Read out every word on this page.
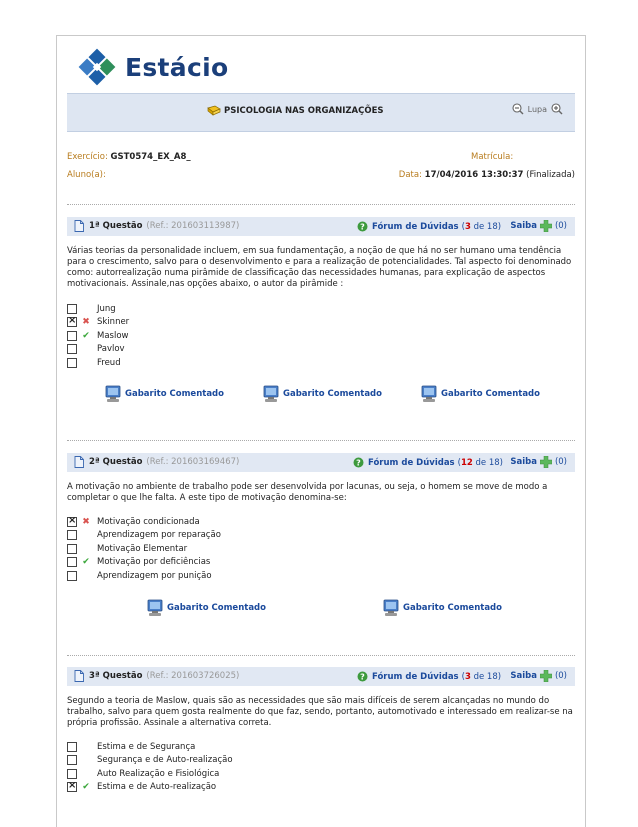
Estácio
PSICOLOGIA NAS ORGANIZAÇÕES	Lupa
Exercício: GST0574_EX_A8_	Matrícula:
Aluno(a):	Data: 17/04/2016 13:30:37 (Finalizada)
1ª Questão (Ref.: 201603113987)	? Fórum de Dúvidas (3 de 18) Saiba (0)
Várias teorias da personalidade incluem, em sua fundamentação, a noção de que há no ser humano uma tendência para o crescimento, salvo para o desenvolvimento e para a realização de potencialidades. Tal aspecto foi denominado como: autorrealização numa pirâmide de classificação das necessidades humanas, para explicação de aspectos motivacionais. Assinale,nas opções abaixo, o autor da pirâmide :
Jung
×
✖ Skinner
✔ Maslow
Pavlov
Freud
Gabarito Comentado	Gabarito Comentado	Gabarito Comentado
2ª Questão (Ref.: 201603169467)	? Fórum de Dúvidas (12 de 18) Saiba (0)
A motivação no ambiente de trabalho pode ser desenvolvida por lacunas, ou seja, o homem se move de modo a completar o que lhe falta. A este tipo de motivação denomina-se:
×
✖ Motivação condicionada
Aprendizagem por reparação
Motivação Elementar
✔ Motivação por deficiências
Aprendizagem por punição
Gabarito Comentado	Gabarito Comentado
3ª Questão (Ref.: 201603726025)	? Fórum de Dúvidas (3 de 18) Saiba (0)
Segundo a teoria de Maslow, quais são as necessidades que são mais difíceis de serem alcançadas no mundo do trabalho, salvo para quem gosta realmente do que faz, sendo, portanto, automotivado e interessado em realizar-se na própria profissão. Assinale a alternativa correta.
Estima e de Segurança
Segurança e de Auto-realização
Auto Realização e Fisiológica
×
✔ Estima e de Auto-realização
